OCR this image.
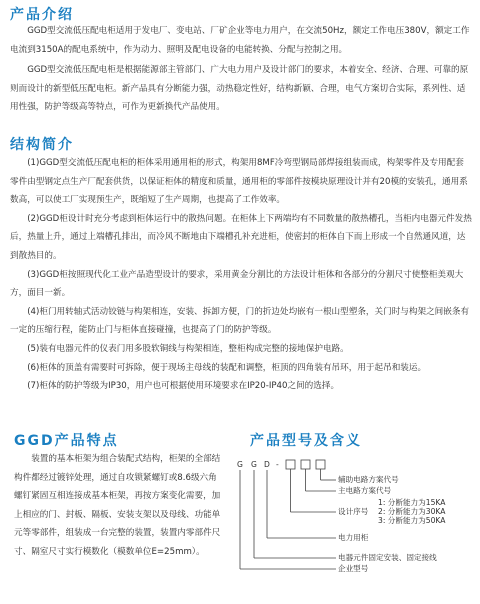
产品介绍

GGD型交流低压配电柜适用于发电厂、变电站、厂矿企业等电力用户，在交流50Hz，额定工作电压380V，额定工作电流到3150A的配电系统中，作为动力、照明及配电设备的电能转换、分配与控制之用。

GGD型交流低压配电柜是根据能源部主管部门、广大电力用户及设计部门的要求，本着安全、经济、合理、可靠的原则而设计的新型低压配电柜。新产品具有分断能力强，动热稳定性好，结构新颖、合理，电气方案切合实际，系列性、适用性强，防护等级高等特点，可作为更新换代产品使用。

结构简介

(1)GGD型交流低压配电柜的柜体采用通用柜的形式，构架用8MF冷弯型钢局部焊接组装而成，构架零件及专用配套零件由型钢定点生产厂配套供货，以保证柜体的精度和质量，通用柜的零部件按模块原理设计并有20模的安装孔，通用系数高，可以使工厂实现预生产，既缩短了生产周期，也提高了工作效率。

(2)GGD柜设计时充分考虑到柜体运行中的散热问题。在柜体上下两端均有不同数量的散热槽孔，当柜内电器元件发热后，热量上升，通过上端槽孔排出，而冷风不断地由下端槽孔补充进柜，使密封的柜体自下而上形成一个自然通风道，达到散热目的。

(3)GGD柜按照现代化工业产品造型设计的要求，采用黄金分割比的方法设计柜体和各部分的分割尺寸使整柜美观大方，面目一新。

(4)柜门用转轴式活动铰链与构架相连，安装、拆卸方便，门的折边处均嵌有一根山型塑条，关门时与构架之间嵌条有一定的压缩行程，能防止门与柜体直接碰撞，也提高了门的防护等级。

(5)装有电器元件的仪表门用多股软铜线与构架相连，整柜构成完整的接地保护电路。

(6)柜体的顶盖有需要时可拆除，便于现场主母线的装配和调整，柜顶的四角装有吊环，用于起吊和装运。

(7)柜体的防护等级为IP30，用户也可根据使用环境要求在IP20-IP40之间的选择。

GGD产品特点

装置的基本柜架为组合装配式结构，柜架的全部结构件都经过镀锌处理，通过自攻锁紧螺钉或8.6级六角螺钉紧固互相连接成基本柜架，再按方案变化需要，加上相应的门、封板、隔板、安装支架以及母线、功能单元等零部件，组装成一台完整的装置，装置内零部件尺寸、隔室尺寸实行模数化（模数单位E=25mm）。

产品型号及含义
G G D -
辅助电路方案代号
主电路方案代号
1: 分断能力为15KA
设计序号 2: 分断能力为30KA
3: 分断能力为50KA
电力用柜
电器元件固定安装、固定接线
企业型号
